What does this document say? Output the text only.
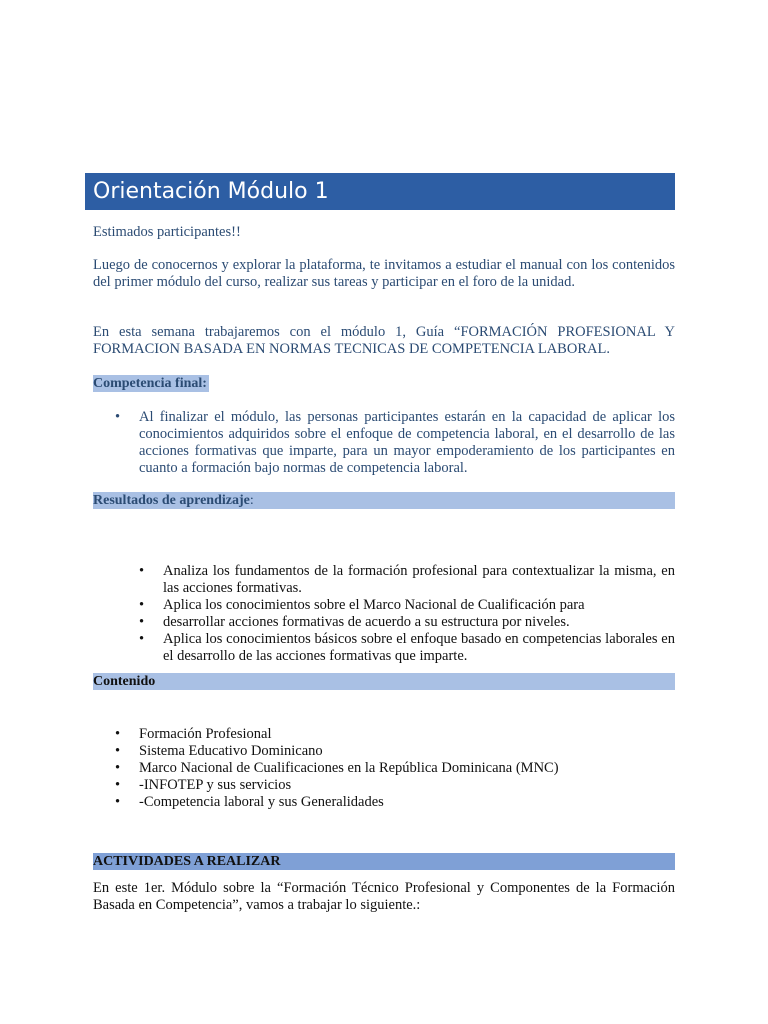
Orientación Módulo 1
Estimados participantes!!
Luego de conocernos y explorar la plataforma, te invitamos a estudiar el manual con los contenidos del primer módulo del curso, realizar sus tareas y participar en el foro de la unidad.
En esta semana trabajaremos con el módulo 1, Guía “FORMACIÓN PROFESIONAL Y FORMACION BASADA EN NORMAS TECNICAS DE COMPETENCIA LABORAL.
Competencia final:
• Al finalizar el módulo, las personas participantes estarán en la capacidad de aplicar los conocimientos adquiridos sobre el enfoque de competencia laboral, en el desarrollo de las acciones formativas que imparte, para un mayor empoderamiento de los participantes en cuanto a formación bajo normas de competencia laboral.
Resultados de aprendizaje:
• Analiza los fundamentos de la formación profesional para contextualizar la misma, en las acciones formativas.
• Aplica los conocimientos sobre el Marco Nacional de Cualificación para
• desarrollar acciones formativas de acuerdo a su estructura por niveles.
• Aplica los conocimientos básicos sobre el enfoque basado en competencias laborales en el desarrollo de las acciones formativas que imparte.
Contenido
• Formación Profesional
• Sistema Educativo Dominicano
• Marco Nacional de Cualificaciones en la República Dominicana (MNC)
• -INFOTEP y sus servicios
• -Competencia laboral y sus Generalidades
ACTIVIDADES A REALIZAR
En este 1er. Módulo sobre la “Formación Técnico Profesional y Componentes de la Formación Basada en Competencia”, vamos a trabajar lo siguiente.:
